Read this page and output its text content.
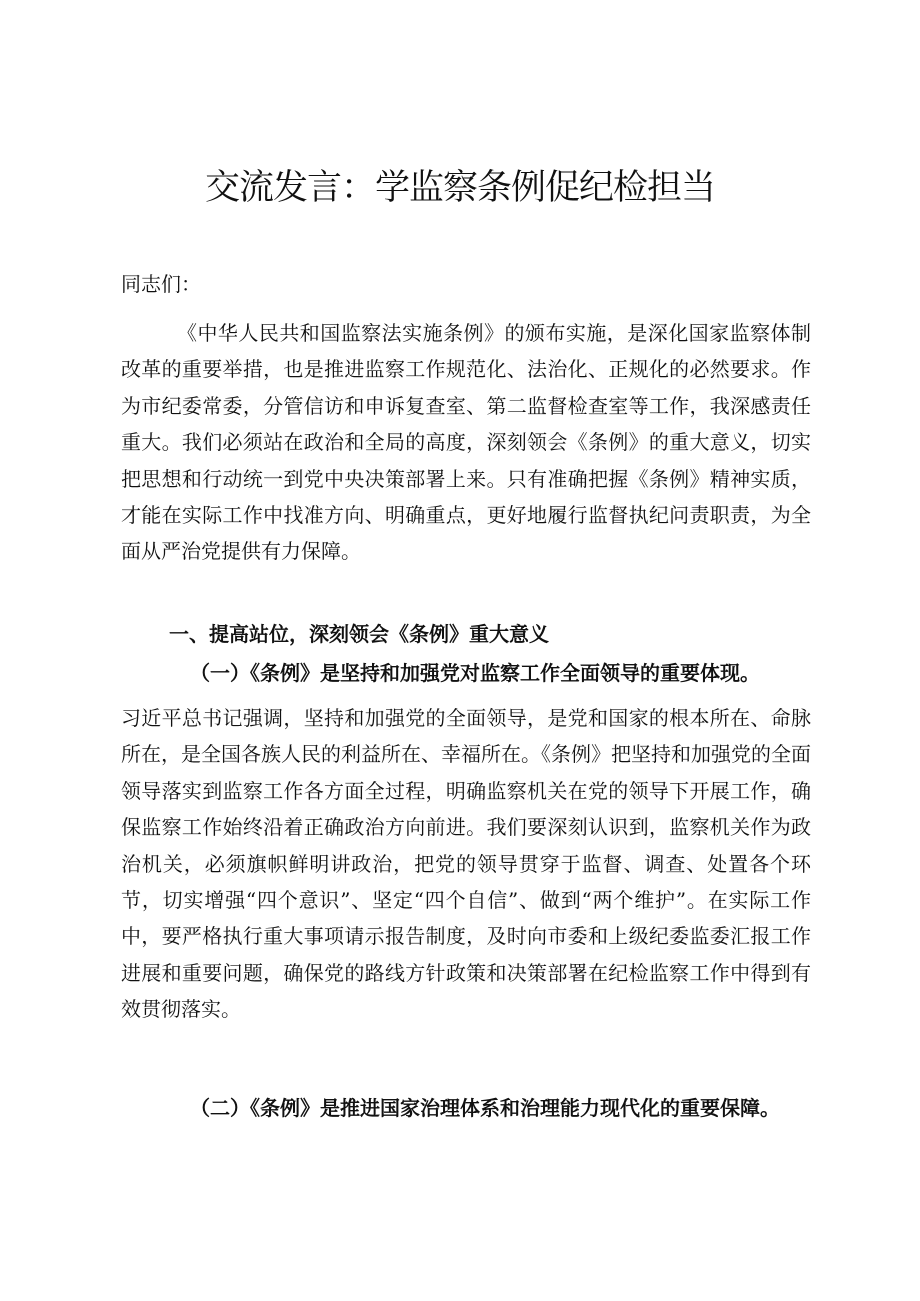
交流发言：学监察条例促纪检担当
同志们：

《中华人民共和国监察法实施条例》的颁布实施，是深化国家监察体制改革的重要举措，也是推进监察工作规范化、法治化、正规化的必然要求。作为市纪委常委，分管信访和申诉复查室、第二监督检查室等工作，我深感责任重大。我们必须站在政治和全局的高度，深刻领会《条例》的重大意义，切实把思想和行动统一到党中央决策部署上来。只有准确把握《条例》精神实质，才能在实际工作中找准方向、明确重点，更好地履行监督执纪问责职责，为全面从严治党提供有力保障。

一、提高站位，深刻领会《条例》重大意义
（一）《条例》是坚持和加强党对监察工作全面领导的重要体现。

习近平总书记强调，坚持和加强党的全面领导，是党和国家的根本所在、命脉所在，是全国各族人民的利益所在、幸福所在。《条例》把坚持和加强党的全面领导落实到监察工作各方面全过程，明确监察机关在党的领导下开展工作，确保监察工作始终沿着正确政治方向前进。我们要深刻认识到，监察机关作为政治机关，必须旗帜鲜明讲政治，把党的领导贯穿于监督、调查、处置各个环节，切实增强“四个意识”、坚定“四个自信”、做到“两个维护”。在实际工作中，要严格执行重大事项请示报告制度，及时向市委和上级纪委监委汇报工作进展和重要问题，确保党的路线方针政策和决策部署在纪检监察工作中得到有效贯彻落实。

（二）《条例》是推进国家治理体系和治理能力现代化的重要保障。
